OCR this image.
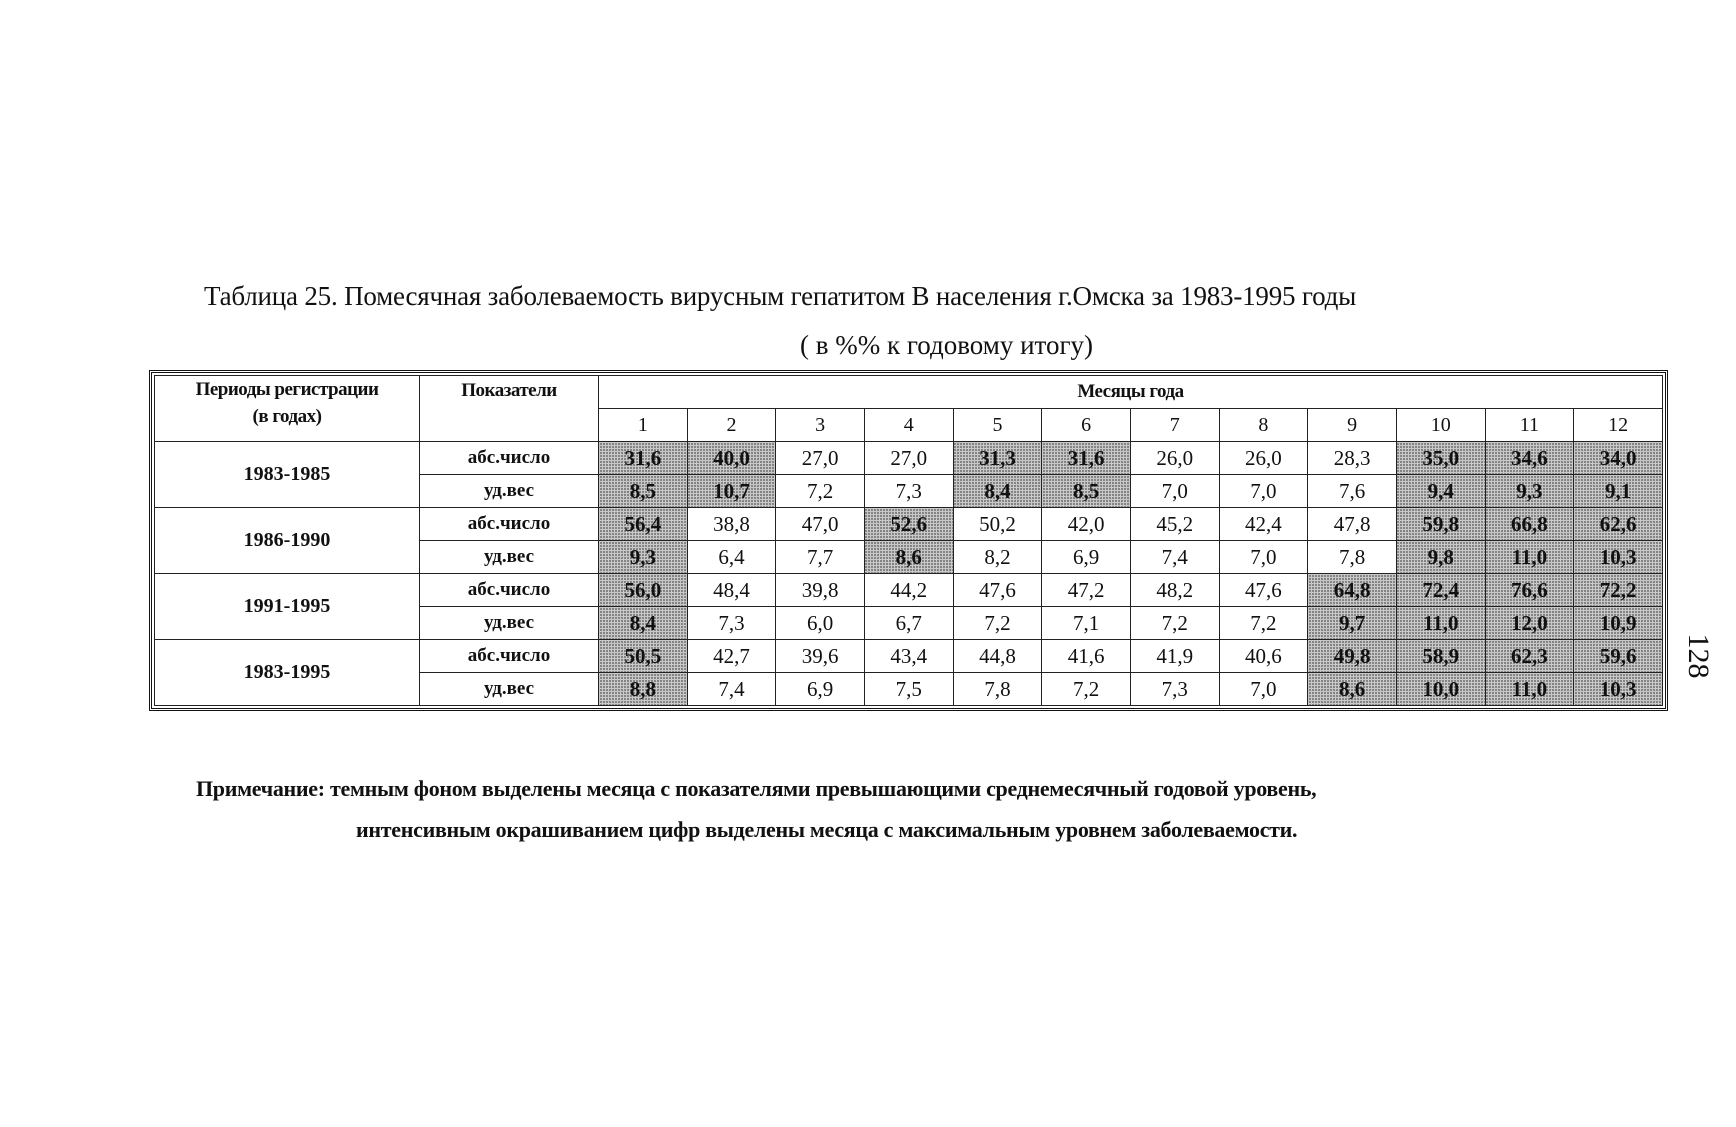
Таблица 25. Помесячная заболеваемость вирусным гепатитом В населения г.Омска за 1983-1995 годы
( в %% к годовому итогу)
Периоды регистрации
(в годах)	Показатели	Месяцы года											
		1	2	3	4	5	6	7	8	9	10	11	12
1983-1985	абс.число	31,6	40,0	27,0	27,0	31,3	31,6	26,0	26,0	28,3	35,0	34,6	34,0
	уд.вес	8,5	10,7	7,2	7,3	8,4	8,5	7,0	7,0	7,6	9,4	9,3	9,1
1986-1990	абс.число	56,4	38,8	47,0	52,6	50,2	42,0	45,2	42,4	47,8	59,8	66,8	62,6
	уд.вес	9,3	6,4	7,7	8,6	8,2	6,9	7,4	7,0	7,8	9,8	11,0	10,3
1991-1995	абс.число	56,0	48,4	39,8	44,2	47,6	47,2	48,2	47,6	64,8	72,4	76,6	72,2
	уд.вес	8,4	7,3	6,0	6,7	7,2	7,1	7,2	7,2	9,7	11,0	12,0	10,9
1983-1995	абс.число	50,5	42,7	39,6	43,4	44,8	41,6	41,9	40,6	49,8	58,9	62,3	59,6
	уд.вес	8,8	7,4	6,9	7,5	7,8	7,2	7,3	7,0	8,6	10,0	11,0	10,3
128
Примечание: темным фоном выделены месяца с показателями превышающими среднемесячный годовой уровень,
интенсивным окрашиванием цифр выделены месяца с максимальным уровнем заболеваемости.
